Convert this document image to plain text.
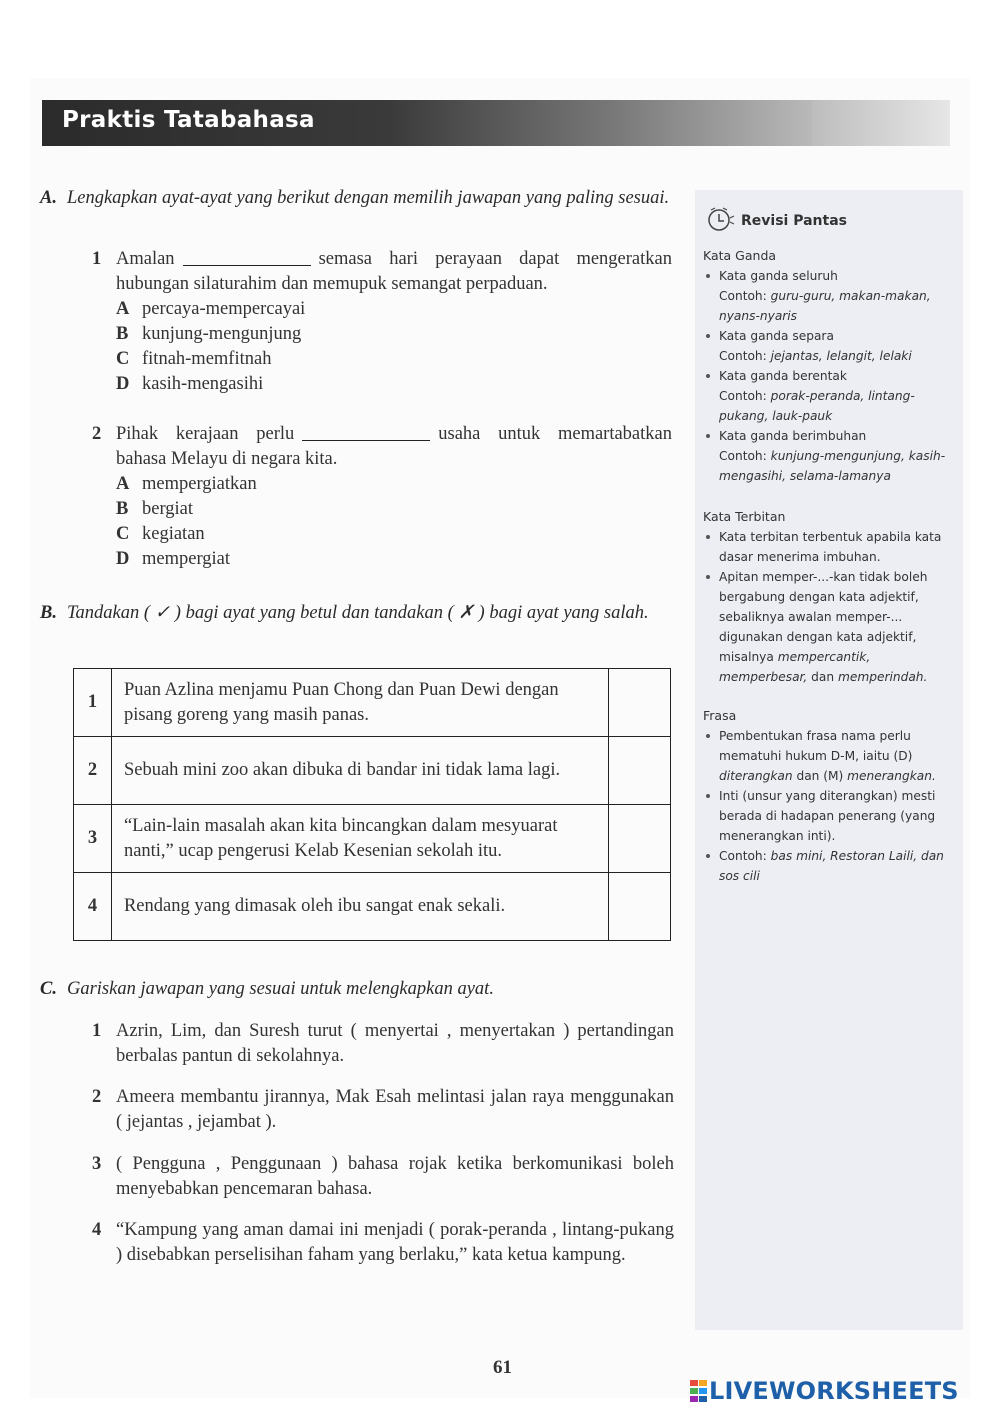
Praktis Tatabahasa
Revisi Pantas
Kata Ganda
Kata ganda seluruh
Contoh: guru-guru, makan-makan, nyans-nyaris
Kata ganda separa
Contoh: jejantas, lelangit, lelaki
Kata ganda berentak
Contoh: porak-peranda, lintang-pukang, lauk-pauk
Kata ganda berimbuhan
Contoh: kunjung-mengunjung, kasih-mengasihi, selama-lamanya
Kata Terbitan
Kata terbitan terbentuk apabila kata dasar menerima imbuhan.
Apitan memper-...-kan tidak boleh bergabung dengan kata adjektif, sebaliknya awalan memper-... digunakan dengan kata adjektif, misalnya mempercantik, memperbesar, dan memperindah.
Frasa
Pembentukan frasa nama perlu mematuhi hukum D-M, iaitu (D) diterangkan dan (M) menerangkan.
Inti (unsur yang diterangkan) mesti berada di hadapan penerang (yang menerangkan inti).
Contoh: bas mini, Restoran Laili, dan sos cili
A. Lengkapkan ayat-ayat yang berikut dengan memilih jawapan yang paling sesuai.
1 Amalan	semasa hari perayaan dapat mengeratkan hubungan silaturahim dan memupuk semangat perpaduan.
A percaya-mempercayai
B kunjung-mengunjung
C fitnah-memfitnah
D kasih-mengasihi
2 Pihak kerajaan perlu	usaha untuk memartabatkan bahasa Melayu di negara kita.
A mempergiatkan
B bergiat
C kegiatan
D mempergiat
B. Tandakan ( ✓ ) bagi ayat yang betul dan tandakan ( ✗ ) bagi ayat yang salah.
1	Puan Azlina menjamu Puan Chong dan Puan Dewi dengan pisang goreng yang masih panas.	
2	Sebuah mini zoo akan dibuka di bandar ini tidak lama lagi.	
3	“Lain-lain masalah akan kita bincangkan dalam mesyuarat nanti,” ucap pengerusi Kelab Kesenian sekolah itu.	
4	Rendang yang dimasak oleh ibu sangat enak sekali.	
C. Gariskan jawapan yang sesuai untuk melengkapkan ayat.
1 Azrin, Lim, dan Suresh turut ( menyertai , menyertakan ) pertandingan berbalas pantun di sekolahnya.
2 Ameera membantu jirannya, Mak Esah melintasi jalan raya menggunakan ( jejantas , jejambat ).
3 ( Pengguna , Penggunaan ) bahasa rojak ketika berkomunikasi boleh menyebabkan pencemaran bahasa.
4 “Kampung yang aman damai ini menjadi ( porak-peranda , lintang-pukang ) disebabkan perselisihan faham yang berlaku,” kata ketua kampung.
61
LIVEWORKSHEETS
